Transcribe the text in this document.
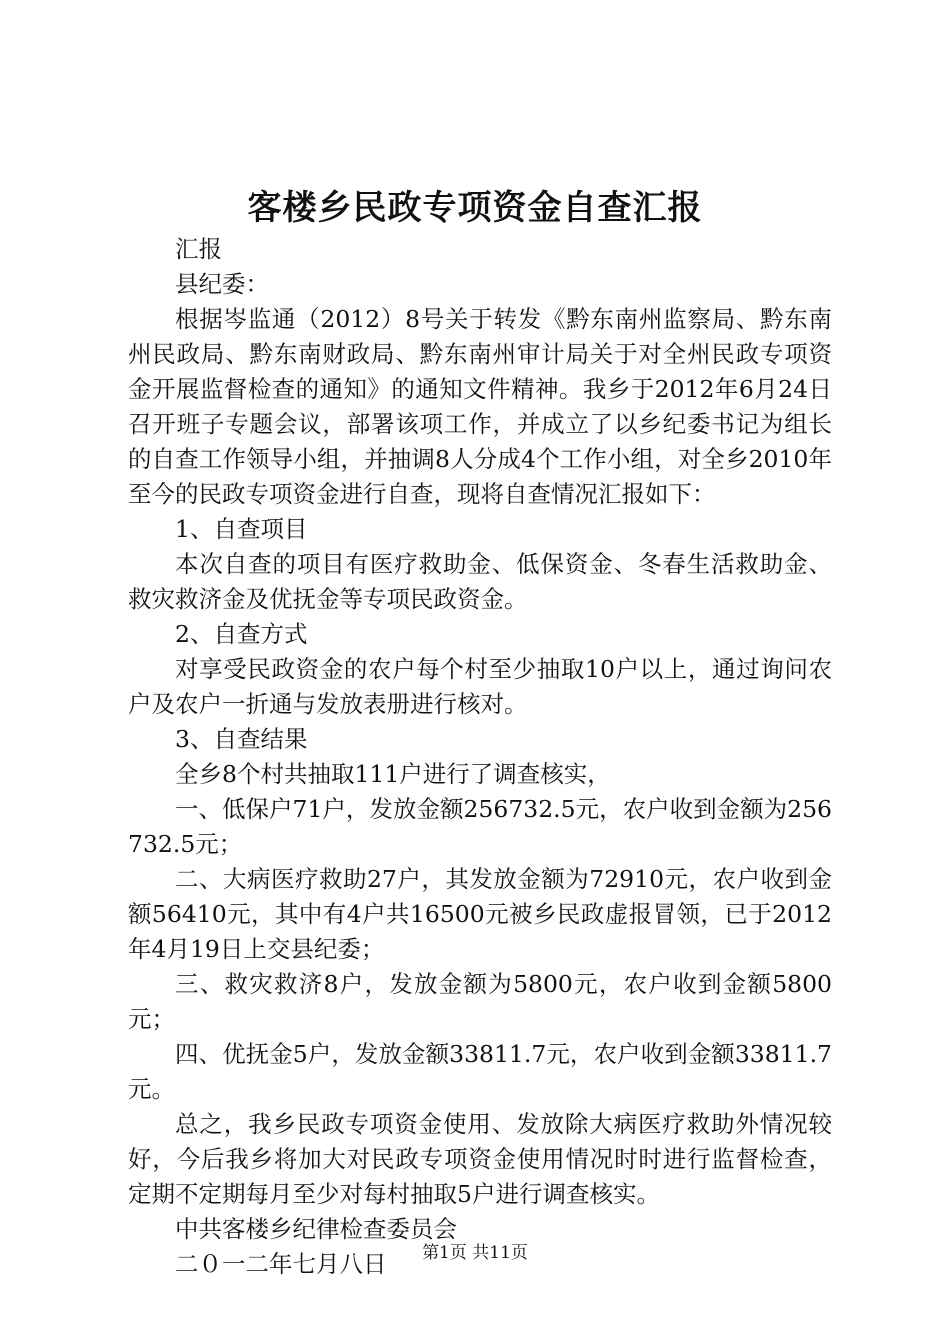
客楼乡民政专项资金自查汇报

汇报

县纪委：

根据岑监通（2012）8号关于转发《黔东南州监察局、黔东南州民政局、黔东南财政局、黔东南州审计局关于对全州民政专项资金开展监督检查的通知》的通知文件精神。我乡于2012年6月24日召开班子专题会议，部署该项工作，并成立了以乡纪委书记为组长的自查工作领导小组，并抽调8人分成4个工作小组，对全乡2010年至今的民政专项资金进行自查，现将自查情况汇报如下：

1、自查项目

本次自查的项目有医疗救助金、低保资金、冬春生活救助金、救灾救济金及优抚金等专项民政资金。

2、自查方式

对享受民政资金的农户每个村至少抽取10户以上，通过询问农户及农户一折通与发放表册进行核对。

3、自查结果

全乡8个村共抽取111户进行了调查核实，

一、低保户71户，发放金额256732.5元，农户收到金额为256732.5元；

二、大病医疗救助27户，其发放金额为72910元，农户收到金额56410元，其中有4户共16500元被乡民政虚报冒领，已于2012年4月19日上交县纪委；

三、救灾救济8户，发放金额为5800元，农户收到金额5800元；

四、优抚金5户，发放金额33811.7元，农户收到金额33811.7元。

总之，我乡民政专项资金使用、发放除大病医疗救助外情况较好，今后我乡将加大对民政专项资金使用情况时时进行监督检查，定期不定期每月至少对每村抽取5户进行调查核实。

中共客楼乡纪律检查委员会

二０一二年七月八日	第1页 共11页
